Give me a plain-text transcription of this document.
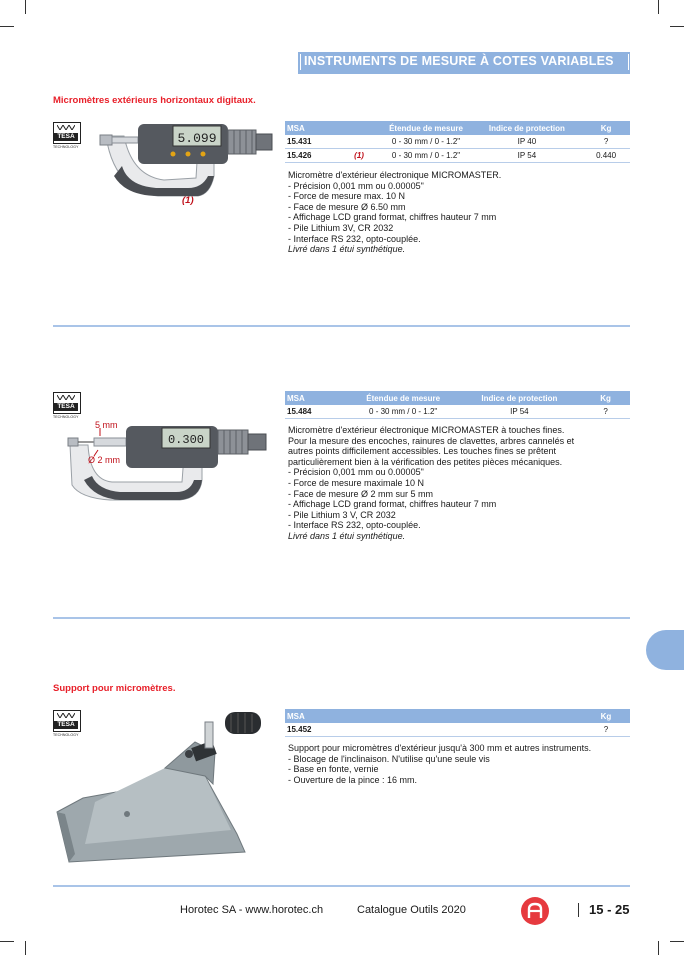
INSTRUMENTS DE MESURE À COTES VARIABLES
Micromètres extérieurs horizontaux digitaux.
TESA
TECHNOLOGY
5.099
(1)
MSA		Étendue de mesure	Indice de protection	Kg
15.431		0 - 30 mm / 0 - 1.2"	IP 40	?
15.426	(1)	0 - 30 mm / 0 - 1.2"	IP 54	0.440
Micromètre d'extérieur électronique MICROMASTER.
- Précision 0,001 mm ou 0.00005"
- Force de mesure max. 10 N
- Face de mesure Ø 6.50 mm
- Affichage LCD grand format, chiffres hauteur 7 mm
- Pile Lithium 3V, CR 2032
- Interface RS 232, opto-couplée.
Livré dans 1 étui synthétique.
TESA
TECHNOLOGY
0.300
5 mm
Ø 2 mm
MSA	Étendue de mesure	Indice de protection	Kg
15.484	0 - 30 mm / 0 - 1.2"	IP 54	?
Micromètre d'extérieur électronique MICROMASTER à touches fines.
Pour la mesure des encoches, rainures de clavettes, arbres cannelés et
autres points difficilement accessibles. Les touches fines se prêtent
particulièrement bien à la vérification des petites pièces mécaniques.
- Précision 0,001 mm ou 0.00005"
- Force de mesure maximale 10 N
- Face de mesure Ø 2 mm sur 5 mm
- Affichage LCD grand format, chiffres hauteur 7 mm
- Pile Lithium 3 V, CR 2032
- Interface RS 232, opto-couplée.
Livré dans 1 étui synthétique.
Support pour micromètres.
TESA
TECHNOLOGY
MSA	Kg
15.452	?
Support pour micromètres d'extérieur jusqu'à 300 mm et autres instruments.
- Blocage de l'inclinaison. N'utilise qu'une seule vis
- Base en fonte, vernie
- Ouverture de la pince : 16 mm.
Horotec SA - www.horotec.ch	Catalogue Outils 2020	15 - 25
